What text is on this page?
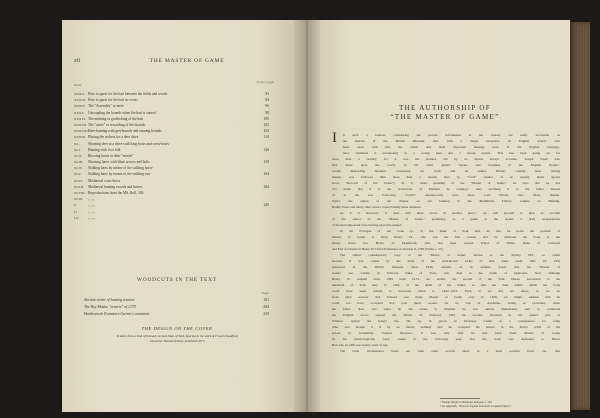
xii	THE MASTER OF GAME
Plate
To face page
XXXII. How to quest for the hart between the fields and woods	92
XXXIII. How to quest for the hart in covert	94
XXXIV. The "Assembly" or meet	96
XXXV. Uncoupling the hounds when the hart is started	98
XXXVI. The undoing or gralloching of the hart	100
XXXVII. The "curée" or rewarding of the hounds	102
XXXVIII. Hare-hunting with greyhounds and running hounds	104
XXXIX. Placing the archers for a deer drive	110
XL.	Shooting deer at a drive with long-bows and cross-bows
XLI.	Hunting with foot folk	146
XLII.	Blowing horns in their "menée"
XLIII.	Shooting hares with blunt arrows and bolts	158
XLIV.	Stalking harts by means of the stalking horse
XLV.	Stalking harts by means of the stalking cart	164
XLVI.	Mediaeval cross-bows
XLVII.	Mediaeval hunting swords and knives	204
XLVIII. Reproductions from the MS. Roll. 336
XLIX.	,, ,, ,,
L.	,, ,, ,,	240
LI.	,, ,, ,,
LII.	,, ,, ,,
WOODCUTS IN THE TEXT
Page
Ancient writer of hunting treatise	161
The Roy Modus "venerie" of 1379	204
Hardouin de Fontaines-Guérin's treatment	239
THE DESIGN ON THE COVER
Is taken from a Seal of Edward, second Duke of York, figuring in the work of Francis Sandford,
Lancaster Herald of Arms, published 1677.
THE AUTHORSHIP OF
“THE MASTER OF GAME”
I	n such a tedious, considering the precise information in the century are easily accessible on
the shelves of the British Museum, that, with a single exception, all English writers who
have dealt with this the oldest and most important hunting book in the English language,
have attributed it erroneously to a wrong man and a wrong period. This has been going on for
more than a century; for it was the learned, but by no means always accurate, Joseph Strutt who
first threw upon the world, in his often quoted "Sports and Pastimes of the English People,"
certain misleading blunders concerning our work and its author. Blaine, coming next, adding
thereto, was followed little more than a decade later by "Cecil" (author of an equally much quoted
book, "Records of the Chase"). In it, when speaking of the "Master of Game," he says that he has
"no doubt that it is the production of Edmund de Langley," thus ascribing it to the father instead
of to the son. Following "Cecil's" untrustworthy lead, Jesse, Lord Wilton, Vero Shaw, Dalziel,
Wynn, the author of the chapter on old hunting in the Badminton Library volume on Hunting,
Hedley Peek, and many other writers copied blindly these mistakes.
As it is necessary to deal with these errors in another place,¹ we will proceed to give an account
of the author of the "Master of Game," premising, as a guide to the reader, a brief recapitulation
of the most important facts bearing upon this subject.
In the Prologue of our book (p. 3) the Duke of York tells us that he holds the position of
Master of Game to King Henry IV., who was his first cousin, and he dedicates his book to the
King's eldest son, Henry of Monmouth, who had been created Prince of Wales, Duke of Cornwall
and Earl of Chester in Henry IV.'s first Parliament on October 6, 1399 (Wylie, i. 27).
The almost contemporary copy of the "Master of Game" known as the Shirley MS., so called
because it was copied by the hand of the well-known scribe of that name (Add. MS. 16, 165)
preserved in the British Museum since 1846, informs us in definite words that the "Master of
Game" was written by Edward, Duke of York, who died at the battle of Agincourt. Now although
Henry IV. reigned from 1399 until 1413, our author, the second of the York Dukes, succeeded to the
dukedom of York only in 1402, at the death of his father, so that the time within which the book
could have been written is narrowed down to 1402–1413. Even if we did not know, as we do
from other sources, that Edward was made Master of Game only in 1406, we might surmise that he
could not have occupied that post much sooner, for he was in Aquitaine, acting as Governor, when
his father died, and when he did return to England he was almost immediately sent to command
the English forces against the Welsh. In February 1405 he became involved in his sister's plot at
Windsor against the King's life. He lay in prison in Pevensey Castle as a consequence for some
time, and though it is by no means unlikely that he occupied his leisure in the dreary walls of his
prison by translating "Gaston Phoebus," it was only after he had been made Master of Game
by his much-forgiving royal cousin in the following year, that the work was dedicated to Prince
Hal, who in 1406 was twenty years of age.
The latter circumstance bears out what other records show in a most positive form, viz., that
¹ Thomas Wright in Reliquiae Antiquae, i. 149.
² See Appendix, "Terms in English Literature on Ancient Sport."
